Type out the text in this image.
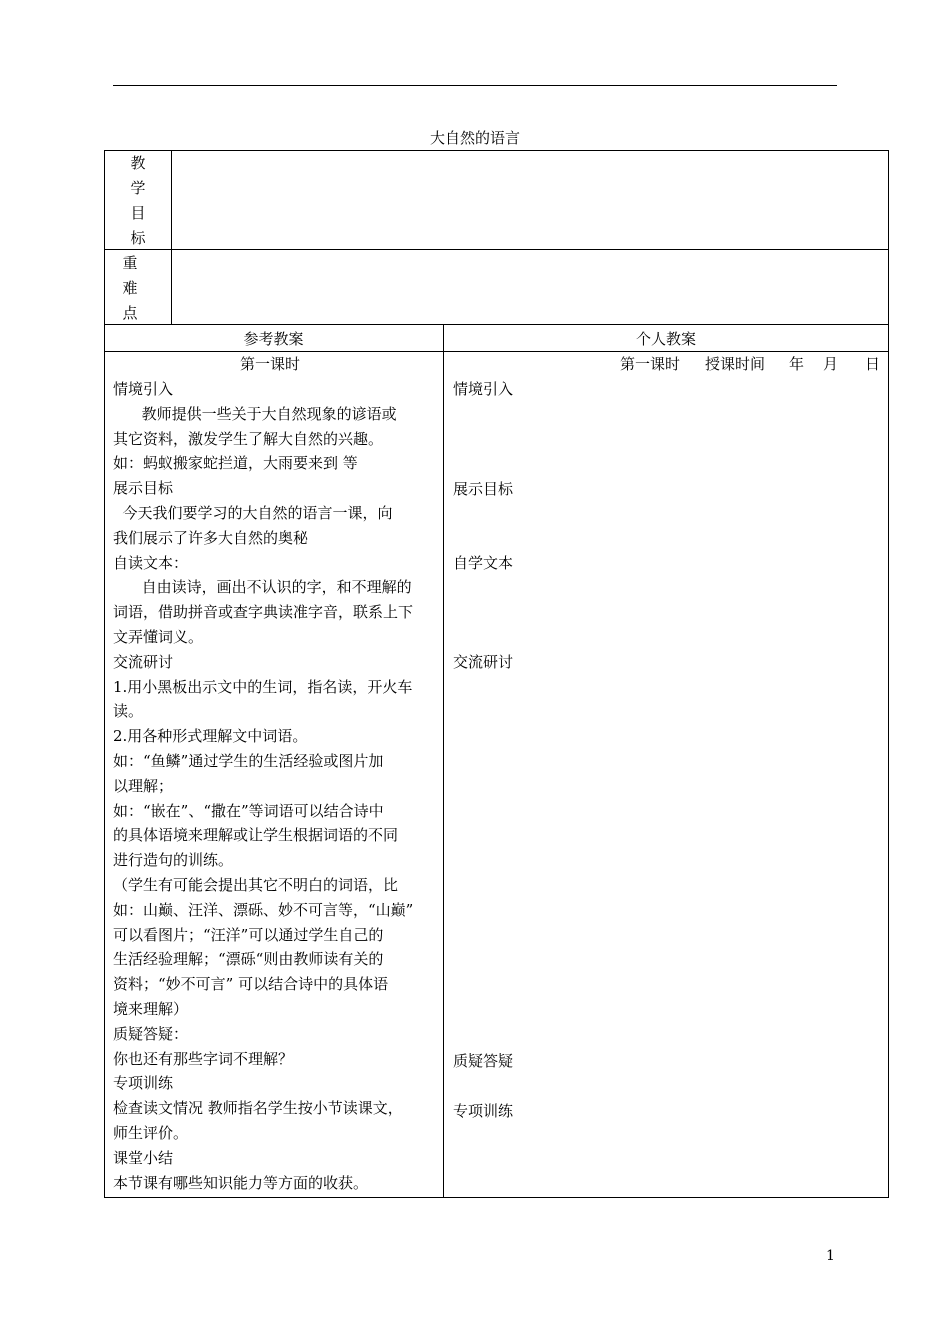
大自然的语言
教
学
目
标
重
难
点
参考教案	个人教案
第一课时
情境引入
教师提供一些关于大自然现象的谚语或
其它资料，激发学生了解大自然的兴趣。
如：蚂蚁搬家蛇拦道，大雨要来到 等
展示目标
今天我们要学习的大自然的语言一课，向
我们展示了许多大自然的奥秘
自读文本：
自由读诗，画出不认识的字，和不理解的
词语，借助拼音或查字典读准字音，联系上下
文弄懂词义。
交流研讨
1.用小黑板出示文中的生词，指名读，开火车
读。
2.用各种形式理解文中词语。
如：“鱼鳞”通过学生的生活经验或图片加
以理解；
如：“嵌在”、“撒在”等词语可以结合诗中
的具体语境来理解或让学生根据词语的不同
进行造句的训练。
（学生有可能会提出其它不明白的词语，比
如：山巅、汪洋、漂砾、妙不可言等，“山巅”
可以看图片；“汪洋”可以通过学生自己的
生活经验理解；“漂砾“则由教师读有关的
资料；“妙不可言” 可以结合诗中的具体语
境来理解）
质疑答疑：
你也还有那些字词不理解？
专项训练
检查读文情况 教师指名学生按小节读课文，
师生评价。
课堂小结
本节课有哪些知识能力等方面的收获。
第一课时 授课时间 年 月 日
情境引入
展示目标
自学文本
交流研讨
质疑答疑
专项训练
1
